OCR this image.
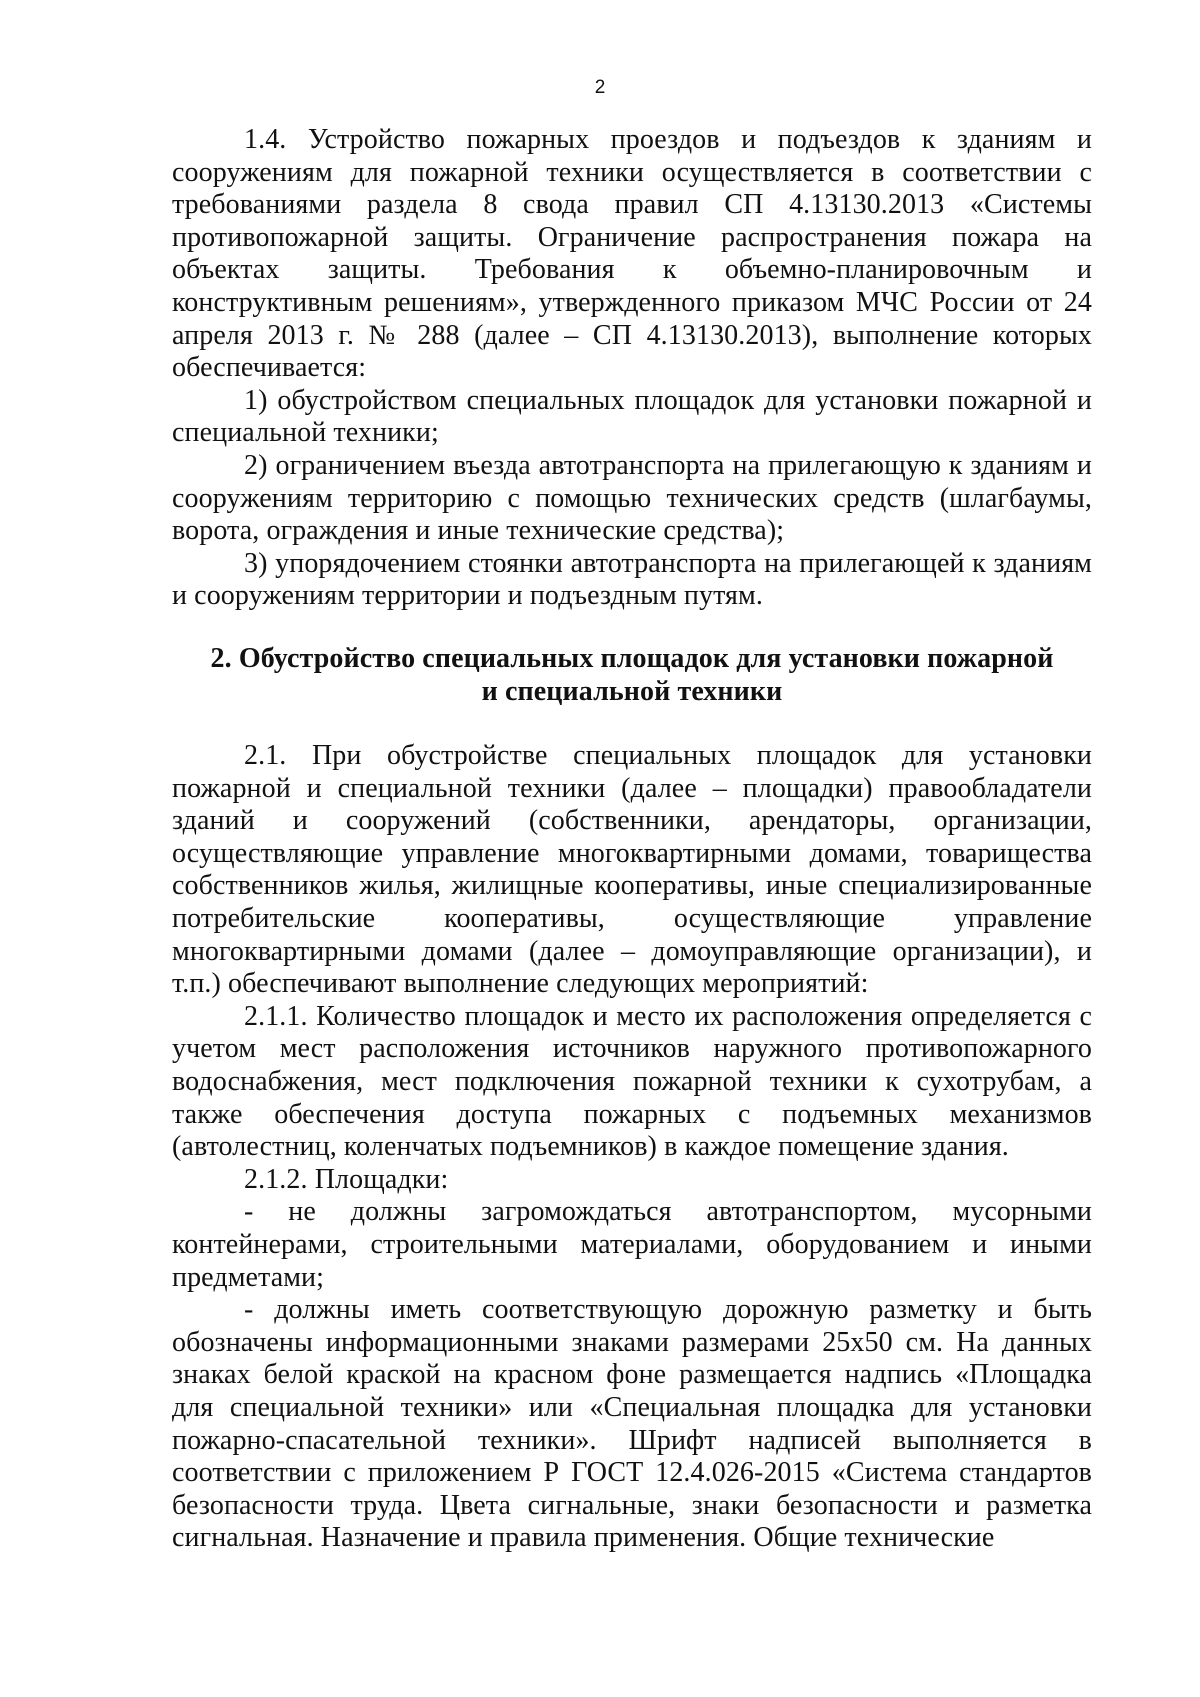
2

1.4. Устройство пожарных проездов и подъездов к зданиям и сооружениям для пожарной техники осуществляется в соответствии с требованиями раздела 8 свода правил СП 4.13130.2013 «Системы противопожарной защиты. Ограничение распространения пожара на объектах защиты. Требования к объемно-планировочным и конструктивным решениям», утвержденного приказом МЧС России от 24 апреля 2013 г. № 288 (далее – СП 4.13130.2013), выполнение которых обеспечивается:

1) обустройством специальных площадок для установки пожарной и специальной техники;

2) ограничением въезда автотранспорта на прилегающую к зданиям и сооружениям территорию с помощью технических средств (шлагбаумы, ворота, ограждения и иные технические средства);

3) упорядочением стоянки автотранспорта на прилегающей к зданиям и сооружениям территории и подъездным путям.

2. Обустройство специальных площадок для установки пожарной
и специальной техники

2.1. При обустройстве специальных площадок для установки пожарной и специальной техники (далее – площадки) правообладатели зданий и сооружений (собственники, арендаторы, организации, осуществляющие управление многоквартирными домами, товарищества собственников жилья, жилищные кооперативы, иные специализированные потребительские кооперативы, осуществляющие управление многоквартирными домами (далее – домоуправляющие организации), и т.п.) обеспечивают выполнение следующих мероприятий:

2.1.1. Количество площадок и место их расположения определяется с учетом мест расположения источников наружного противопожарного водоснабжения, мест подключения пожарной техники к сухотрубам, а также обеспечения доступа пожарных с подъемных механизмов (автолестниц, коленчатых подъемников) в каждое помещение здания.

2.1.2. Площадки:

- не должны загромождаться автотранспортом, мусорными контейнерами, строительными материалами, оборудованием и иными предметами;

- должны иметь соответствующую дорожную разметку и быть обозначены информационными знаками размерами 25х50 см. На данных знаках белой краской на красном фоне размещается надпись «Площадка для специальной техники» или «Специальная площадка для установки пожарно-спасательной техники». Шрифт надписей выполняется в соответствии с приложением Р ГОСТ 12.4.026-2015 «Система стандартов безопасности труда. Цвета сигнальные, знаки безопасности и разметка сигнальная. Назначение и правила применения. Общие технические
